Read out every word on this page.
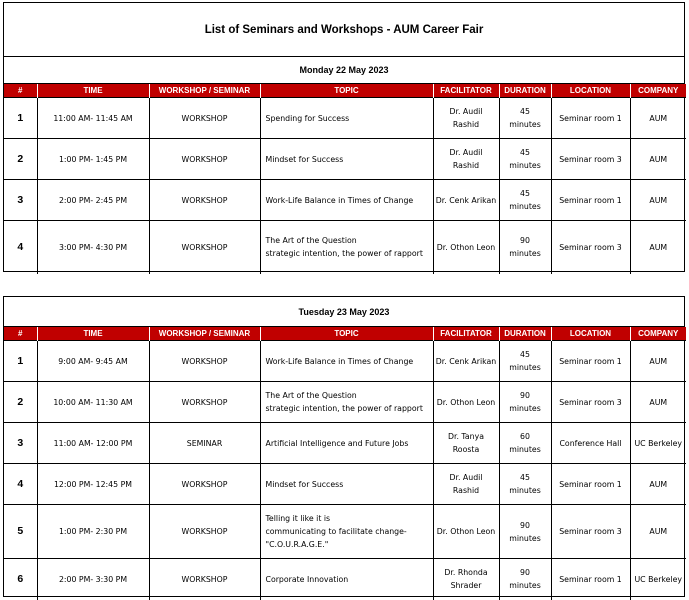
List of Seminars and Workshops - AUM Career Fair
Monday 22 May 2023
#	TIME	WORKSHOP / SEMINAR	TOPIC	FACILITATOR	DURATION	LOCATION	COMPANY
1	11:00 AM- 11:45 AM	WORKSHOP	Spending for Success	Dr. Audil
Rashid	45
minutes	Seminar room 1	AUM
2	1:00 PM- 1:45 PM	WORKSHOP	Mindset for Success	Dr. Audil
Rashid	45
minutes	Seminar room 3	AUM
3	2:00 PM- 2:45 PM	WORKSHOP	Work-Life Balance in Times of Change	Dr. Cenk Arikan	45
minutes	Seminar room 1	AUM
4	3:00 PM- 4:30 PM	WORKSHOP	The Art of the Question
strategic intention, the power of rapport	Dr. Othon Leon	90
minutes	Seminar room 3	AUM
Tuesday 23 May 2023
#	TIME	WORKSHOP / SEMINAR	TOPIC	FACILITATOR	DURATION	LOCATION	COMPANY
1	9:00 AM- 9:45 AM	WORKSHOP	Work-Life Balance in Times of Change	Dr. Cenk Arikan	45
minutes	Seminar room 1	AUM
2	10:00 AM- 11:30 AM	WORKSHOP	The Art of the Question
strategic intention, the power of rapport	Dr. Othon Leon	90
minutes	Seminar room 3	AUM
3	11:00 AM- 12:00 PM	SEMINAR	Artificial Intelligence and Future Jobs	Dr. Tanya
Roosta	60
minutes	Conference Hall	UC Berkeley
4	12:00 PM- 12:45 PM	WORKSHOP	Mindset for Success	Dr. Audil
Rashid	45
minutes	Seminar room 1	AUM
5	1:00 PM- 2:30 PM	WORKSHOP	Telling it like it is
communicating to facilitate change-
"C.O.U.R.A.G.E."	Dr. Othon Leon	90
minutes	Seminar room 3	AUM
6	2:00 PM- 3:30 PM	WORKSHOP	Corporate Innovation	Dr. Rhonda
Shrader	90
minutes	Seminar room 1	UC Berkeley
